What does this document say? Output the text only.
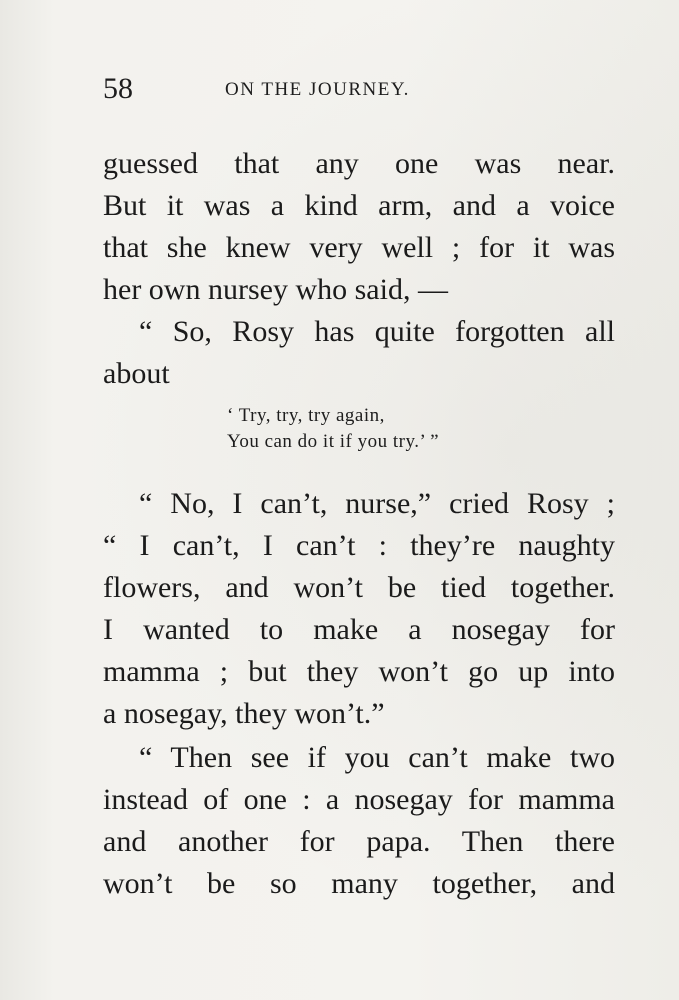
58	ON THE JOURNEY.
guessed that any one was near.
But it was a kind arm, and a voice
that she knew very well ; for it was
her own nursey who said, —
“ So, Rosy has quite forgotten all
about
‘ Try, try, try again,
You can do it if you try.’ ”
“ No, I can’t, nurse,” cried Rosy ;
“ I can’t, I can’t : they’re naughty
flowers, and won’t be tied together.
I wanted to make a nosegay for
mamma ; but they won’t go up into
a nosegay, they won’t.”
“ Then see if you can’t make two
instead of one : a nosegay for mamma
and another for papa. Then there
won’t be so many together, and
